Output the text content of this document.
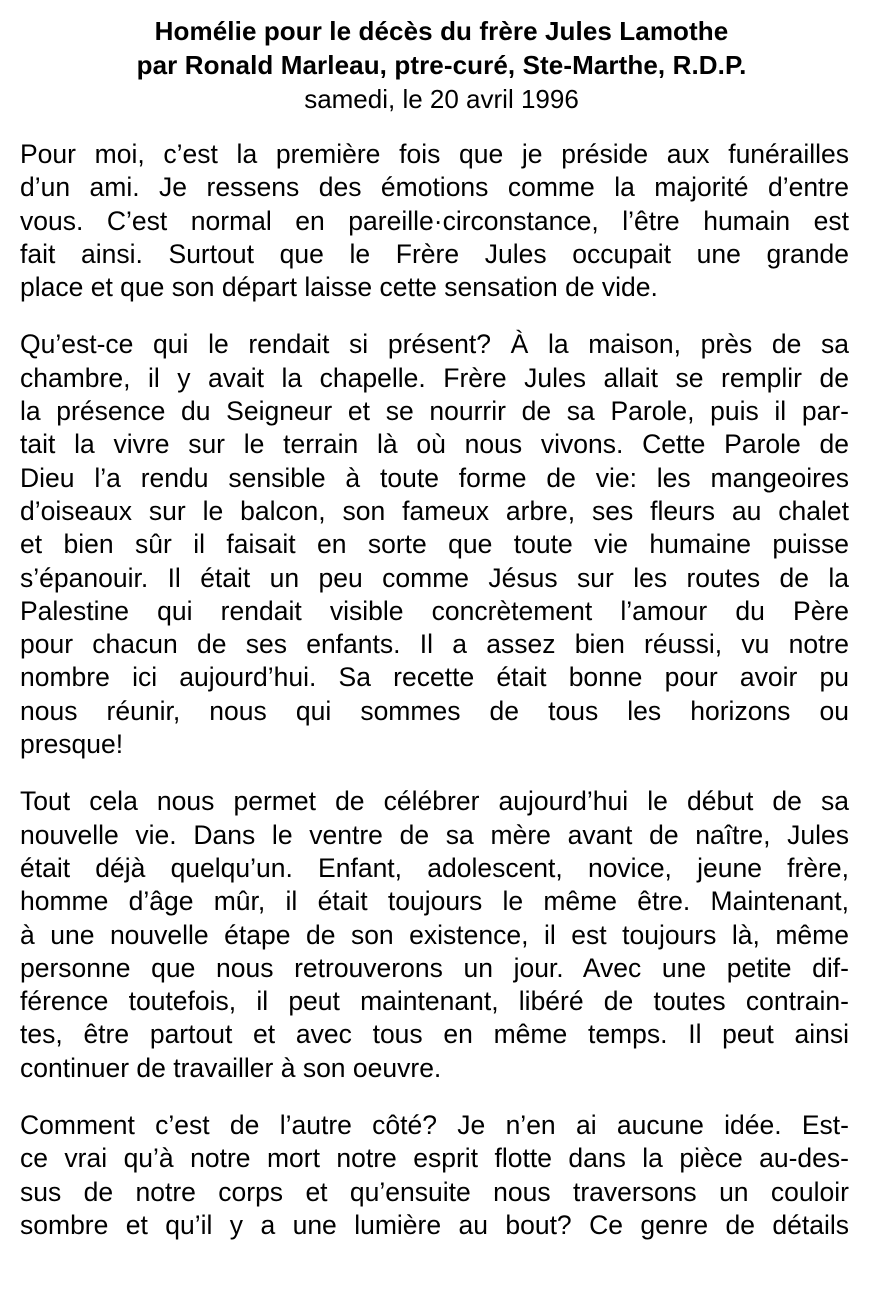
Homélie pour le décès du frère Jules Lamothe
par Ronald Marleau, ptre-curé, Ste-Marthe, R.D.P.
samedi, le 20 avril 1996

Pour moi, c’est la première fois que je préside aux funérailles
d’un ami. Je ressens des émotions comme la majorité d’entre
vous. C’est normal en pareille·circonstance, l’être humain est
fait ainsi. Surtout que le Frère Jules occupait une grande
place et que son départ laisse cette sensation de vide.

Qu’est-ce qui le rendait si présent? À la maison, près de sa
chambre, il y avait la chapelle. Frère Jules allait se remplir de
la présence du Seigneur et se nourrir de sa Parole, puis il par-
tait la vivre sur le terrain là où nous vivons. Cette Parole de
Dieu l’a rendu sensible à toute forme de vie: les mangeoires
d’oiseaux sur le balcon, son fameux arbre, ses fleurs au chalet
et bien sûr il faisait en sorte que toute vie humaine puisse
s’épanouir. Il était un peu comme Jésus sur les routes de la
Palestine qui rendait visible concrètement l’amour du Père
pour chacun de ses enfants. Il a assez bien réussi, vu notre
nombre ici aujourd’hui. Sa recette était bonne pour avoir pu
nous réunir, nous qui sommes de tous les horizons ou
presque!

Tout cela nous permet de célébrer aujourd’hui le début de sa
nouvelle vie. Dans le ventre de sa mère avant de naître, Jules
était déjà quelqu’un. Enfant, adolescent, novice, jeune frère,
homme d’âge mûr, il était toujours le même être. Maintenant,
à une nouvelle étape de son existence, il est toujours là, même
personne que nous retrouverons un jour. Avec une petite dif-
férence toutefois, il peut maintenant, libéré de toutes contrain-
tes, être partout et avec tous en même temps. Il peut ainsi
continuer de travailler à son oeuvre.

Comment c’est de l’autre côté? Je n’en ai aucune idée. Est-
ce vrai qu’à notre mort notre esprit flotte dans la pièce au-des-
sus de notre corps et qu’ensuite nous traversons un couloir
sombre et qu’il y a une lumière au bout? Ce genre de détails
